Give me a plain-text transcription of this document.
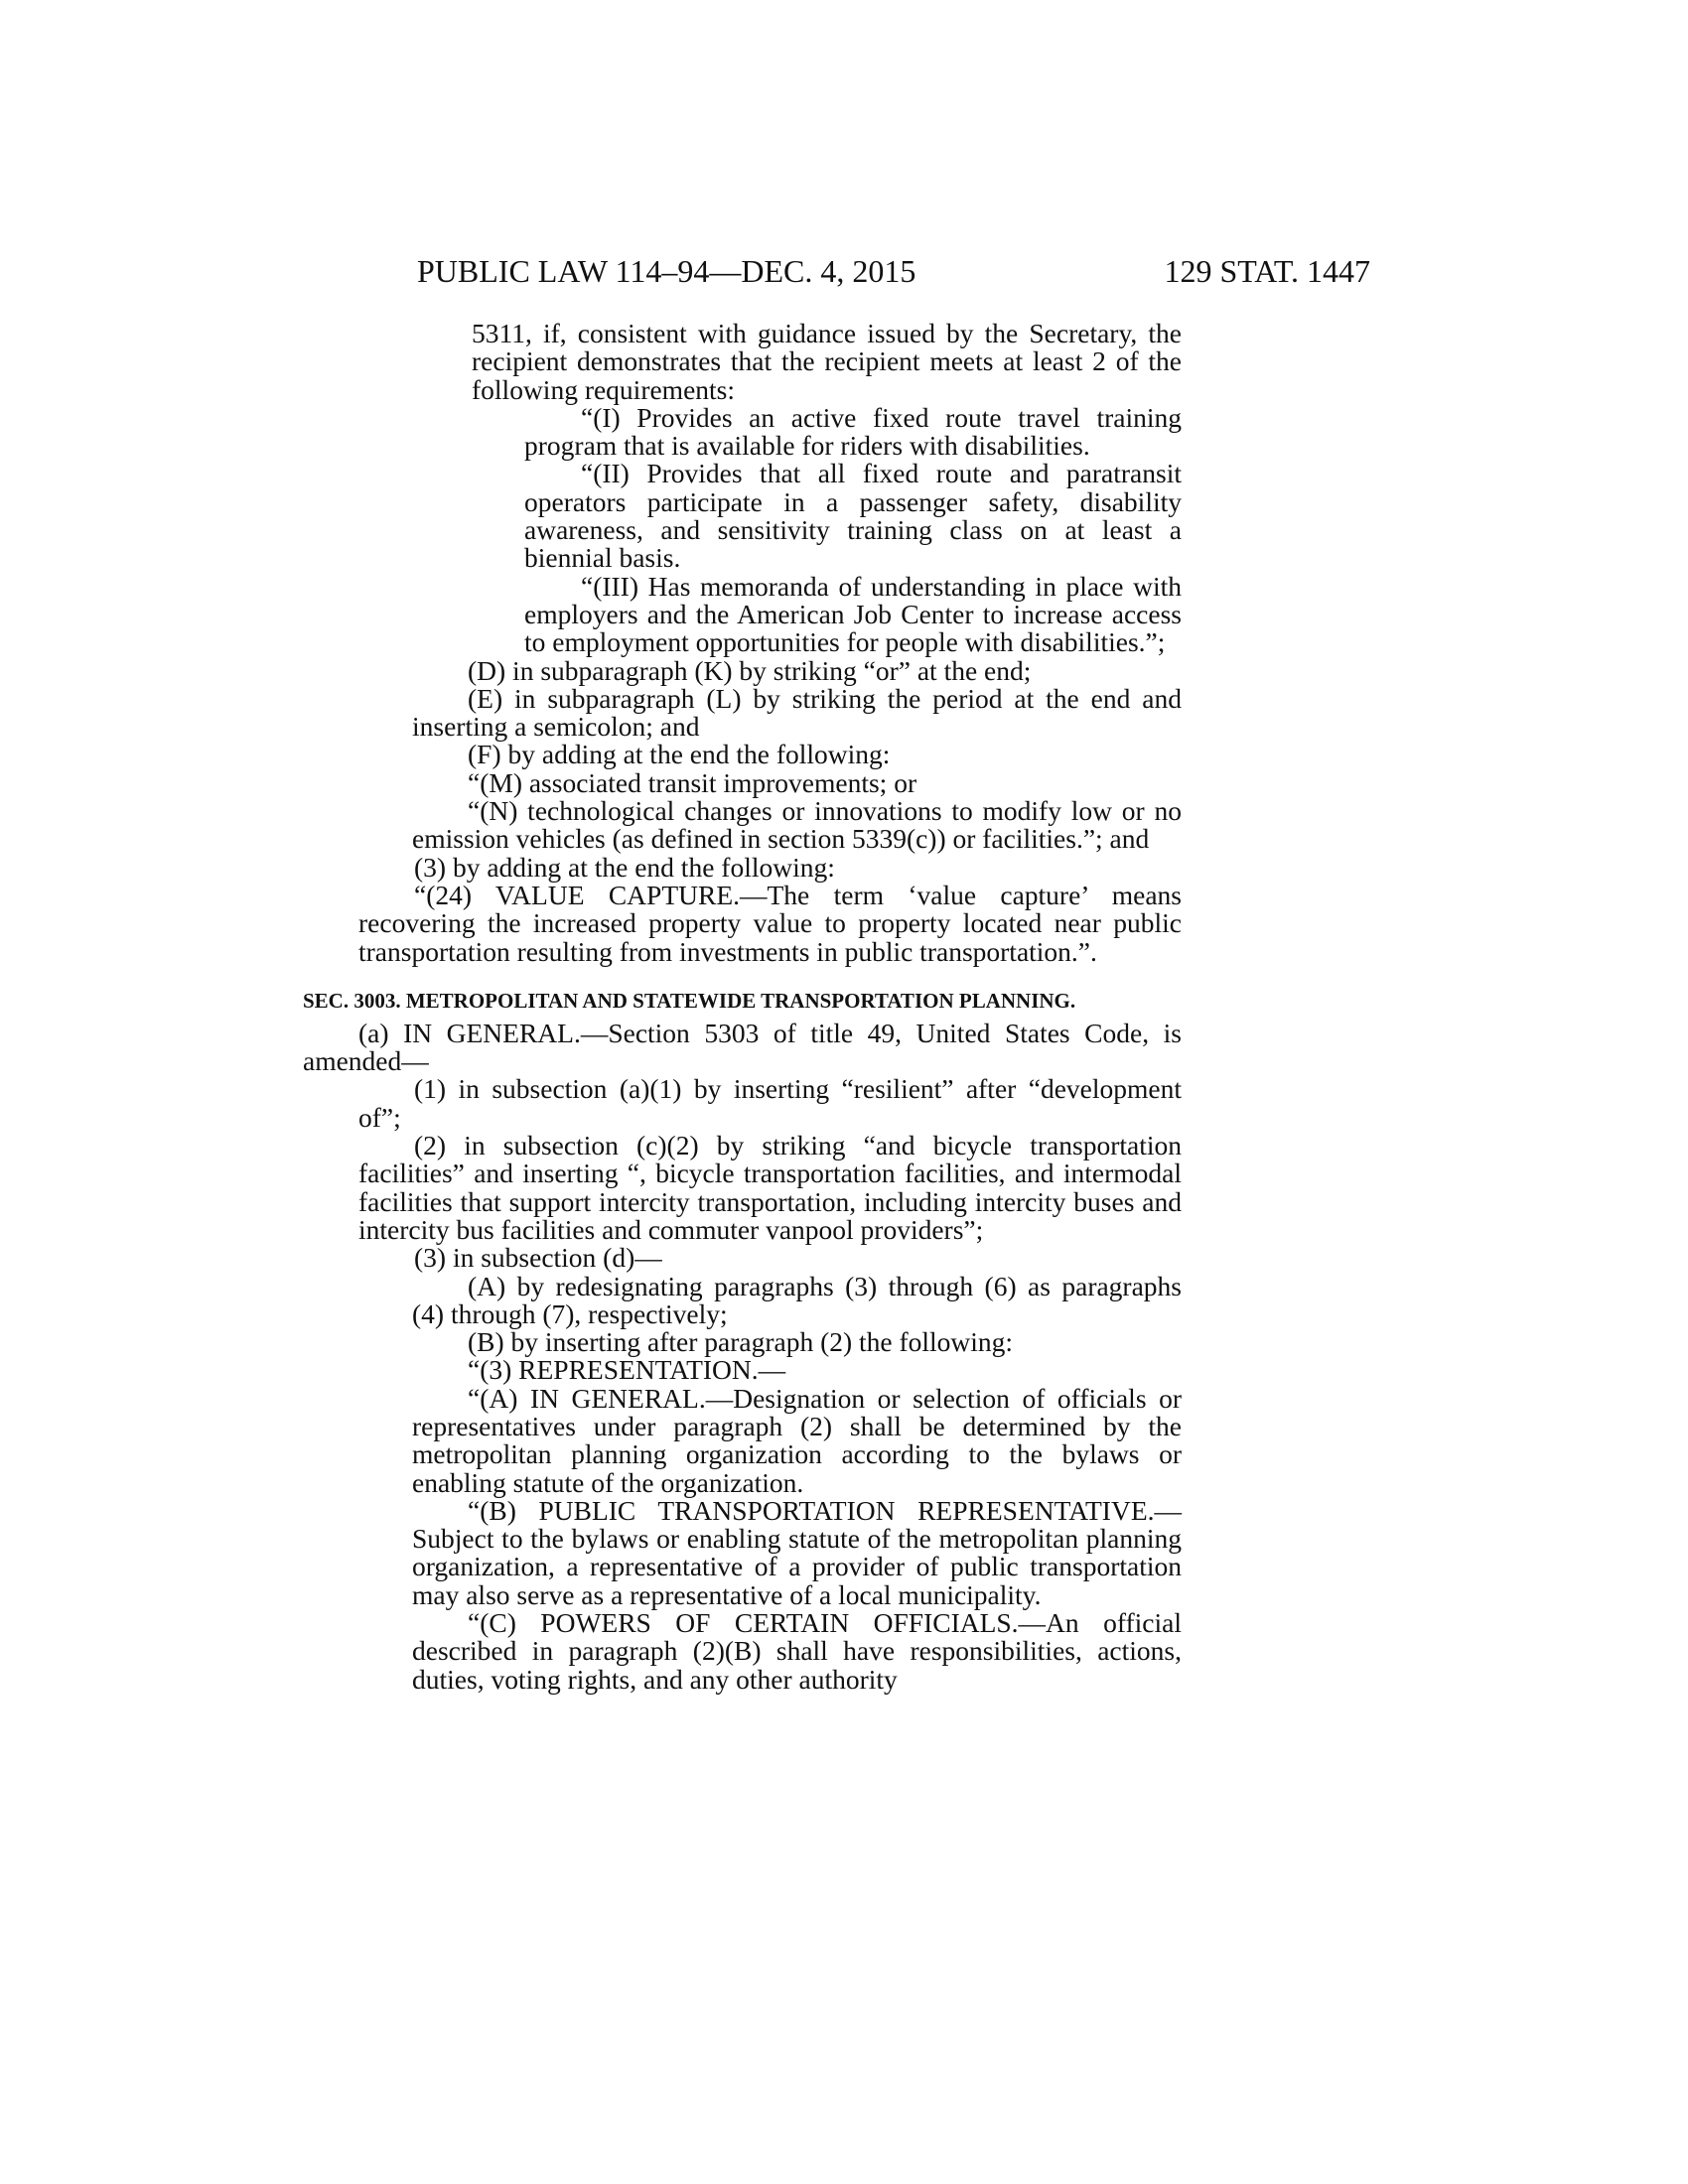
PUBLIC LAW 114–94—DEC. 4, 2015	129 STAT. 1447

5311, if, consistent with guidance issued by the Secretary, the recipient demonstrates that the recipient meets at least 2 of the following requirements:

“(I) Provides an active fixed route travel training program that is available for riders with disabilities.

“(II) Provides that all fixed route and paratransit operators participate in a passenger safety, disability awareness, and sensitivity training class on at least a biennial basis.

“(III) Has memoranda of understanding in place with employers and the American Job Center to increase access to employment opportunities for people with disabilities.”;

(D) in subparagraph (K) by striking “or” at the end;

(E) in subparagraph (L) by striking the period at the end and inserting a semicolon; and

(F) by adding at the end the following:

“(M) associated transit improvements; or

“(N) technological changes or innovations to modify low or no emission vehicles (as defined in section 5339(c)) or facilities.”; and

(3) by adding at the end the following:

“(24) VALUE CAPTURE.—The term ‘value capture’ means recovering the increased property value to property located near public transportation resulting from investments in public transportation.”.

SEC. 3003. METROPOLITAN AND STATEWIDE TRANSPORTATION PLANNING.

(a) IN GENERAL.—Section 5303 of title 49, United States Code, is amended—

(1) in subsection (a)(1) by inserting “resilient” after “development of”;

(2) in subsection (c)(2) by striking “and bicycle transportation facilities” and inserting “, bicycle transportation facilities, and intermodal facilities that support intercity transportation, including intercity buses and intercity bus facilities and commuter vanpool providers”;

(3) in subsection (d)—

(A) by redesignating paragraphs (3) through (6) as paragraphs (4) through (7), respectively;

(B) by inserting after paragraph (2) the following:

“(3) REPRESENTATION.—

“(A) IN GENERAL.—Designation or selection of officials or representatives under paragraph (2) shall be determined by the metropolitan planning organization according to the bylaws or enabling statute of the organization.

“(B) PUBLIC TRANSPORTATION REPRESENTATIVE.—Subject to the bylaws or enabling statute of the metropolitan planning organization, a representative of a provider of public transportation may also serve as a representative of a local municipality.

“(C) POWERS OF CERTAIN OFFICIALS.—An official described in paragraph (2)(B) shall have responsibilities, actions, duties, voting rights, and any other authority
